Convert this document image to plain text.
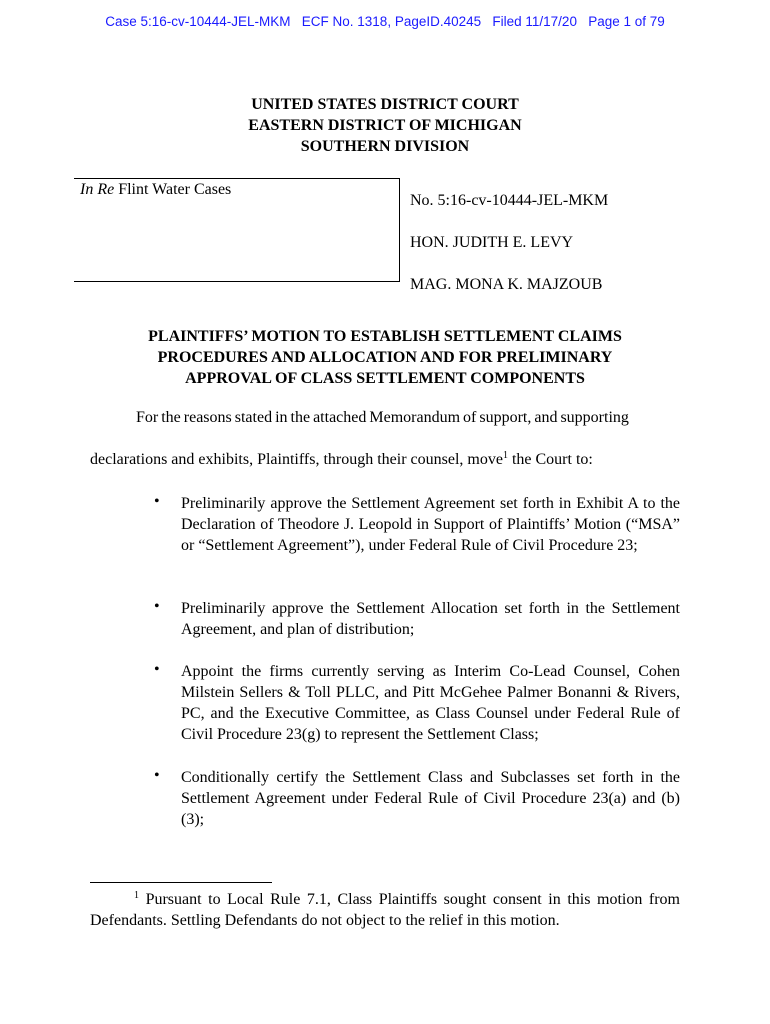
Case 5:16-cv-10444-JEL-MKM   ECF No. 1318, PageID.40245   Filed 11/17/20   Page 1 of 79
UNITED STATES DISTRICT COURT
EASTERN DISTRICT OF MICHIGAN
SOUTHERN DIVISION
In Re Flint Water Cases
No. 5:16-cv-10444-JEL-MKM
HON. JUDITH E. LEVY
MAG. MONA K. MAJZOUB
PLAINTIFFS’ MOTION TO ESTABLISH SETTLEMENT CLAIMS
PROCEDURES AND ALLOCATION AND FOR PRELIMINARY
APPROVAL OF CLASS SETTLEMENT COMPONENTS
For the reasons stated in the attached Memorandum of support, and supporting
declarations and exhibits, Plaintiffs, through their counsel, move$^1$ the Court to:
• Preliminarily approve the Settlement Agreement set forth in Exhibit A to the Declaration of Theodore J. Leopold in Support of Plaintiffs’ Motion (“MSA” or “Settlement Agreement”), under Federal Rule of Civil Procedure 23;
• Preliminarily approve the Settlement Allocation set forth in the Settlement Agreement, and plan of distribution;
• Appoint the firms currently serving as Interim Co-Lead Counsel, Cohen Milstein Sellers & Toll PLLC, and Pitt McGehee Palmer Bonanni & Rivers, PC, and the Executive Committee, as Class Counsel under Federal Rule of Civil Procedure 23(g) to represent the Settlement Class;
• Conditionally certify the Settlement Class and Subclasses set forth in the Settlement Agreement under Federal Rule of Civil Procedure 23(a) and (b)(3);
$^1$ Pursuant to Local Rule 7.1, Class Plaintiffs sought consent in this motion from Defendants. Settling Defendants do not object to the relief in this motion.
